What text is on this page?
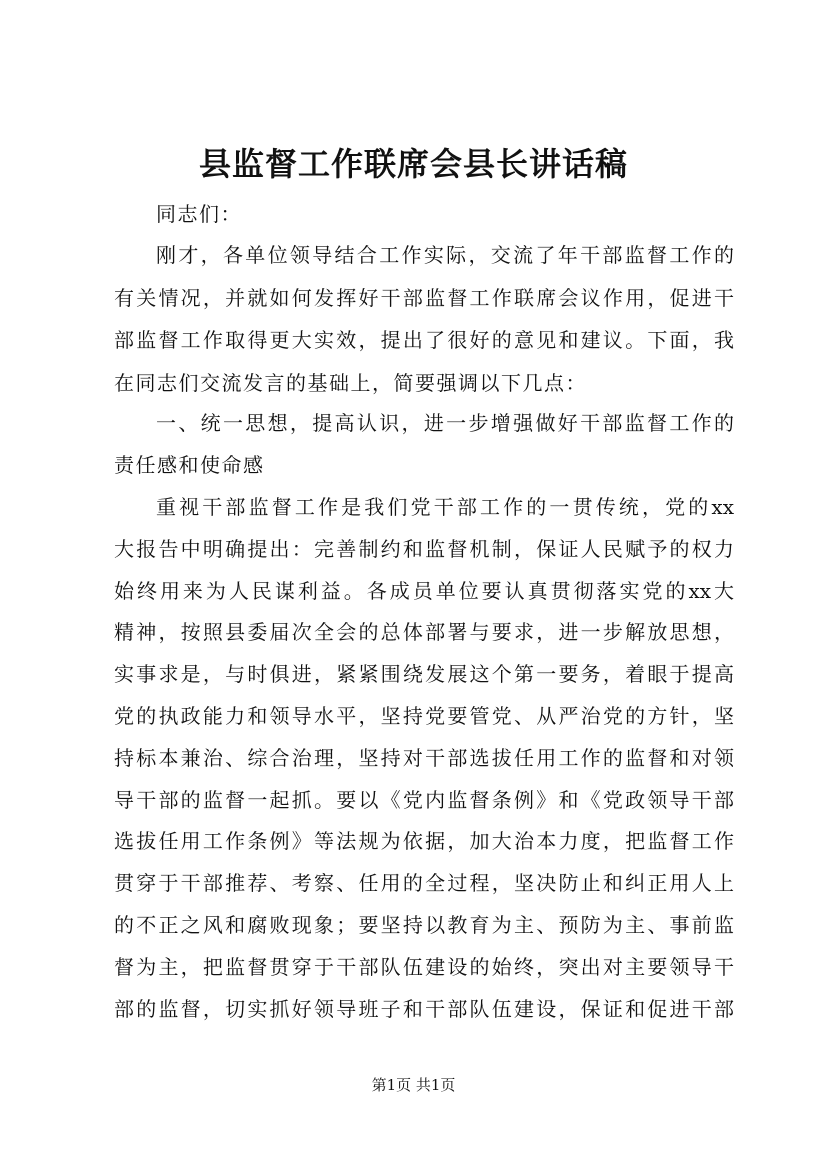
县监督工作联席会县长讲话稿
同志们：
刚才，各单位领导结合工作实际，交流了年干部监督工作的
有关情况，并就如何发挥好干部监督工作联席会议作用，促进干
部监督工作取得更大实效，提出了很好的意见和建议。下面，我
在同志们交流发言的基础上，简要强调以下几点：
一、统一思想，提高认识，进一步增强做好干部监督工作的
责任感和使命感
重视干部监督工作是我们党干部工作的一贯传统，党的xx
大报告中明确提出：完善制约和监督机制，保证人民赋予的权力
始终用来为人民谋利益。各成员单位要认真贯彻落实党的xx大
精神，按照县委届次全会的总体部署与要求，进一步解放思想，
实事求是，与时俱进，紧紧围绕发展这个第一要务，着眼于提高
党的执政能力和领导水平，坚持党要管党、从严治党的方针，坚
持标本兼治、综合治理，坚持对干部选拔任用工作的监督和对领
导干部的监督一起抓。要以《党内监督条例》和《党政领导干部
选拔任用工作条例》等法规为依据，加大治本力度，把监督工作
贯穿于干部推荐、考察、任用的全过程，坚决防止和纠正用人上
的不正之风和腐败现象；要坚持以教育为主、预防为主、事前监
督为主，把监督贯穿于干部队伍建设的始终，突出对主要领导干
部的监督，切实抓好领导班子和干部队伍建设，保证和促进干部
第1页 共1页
